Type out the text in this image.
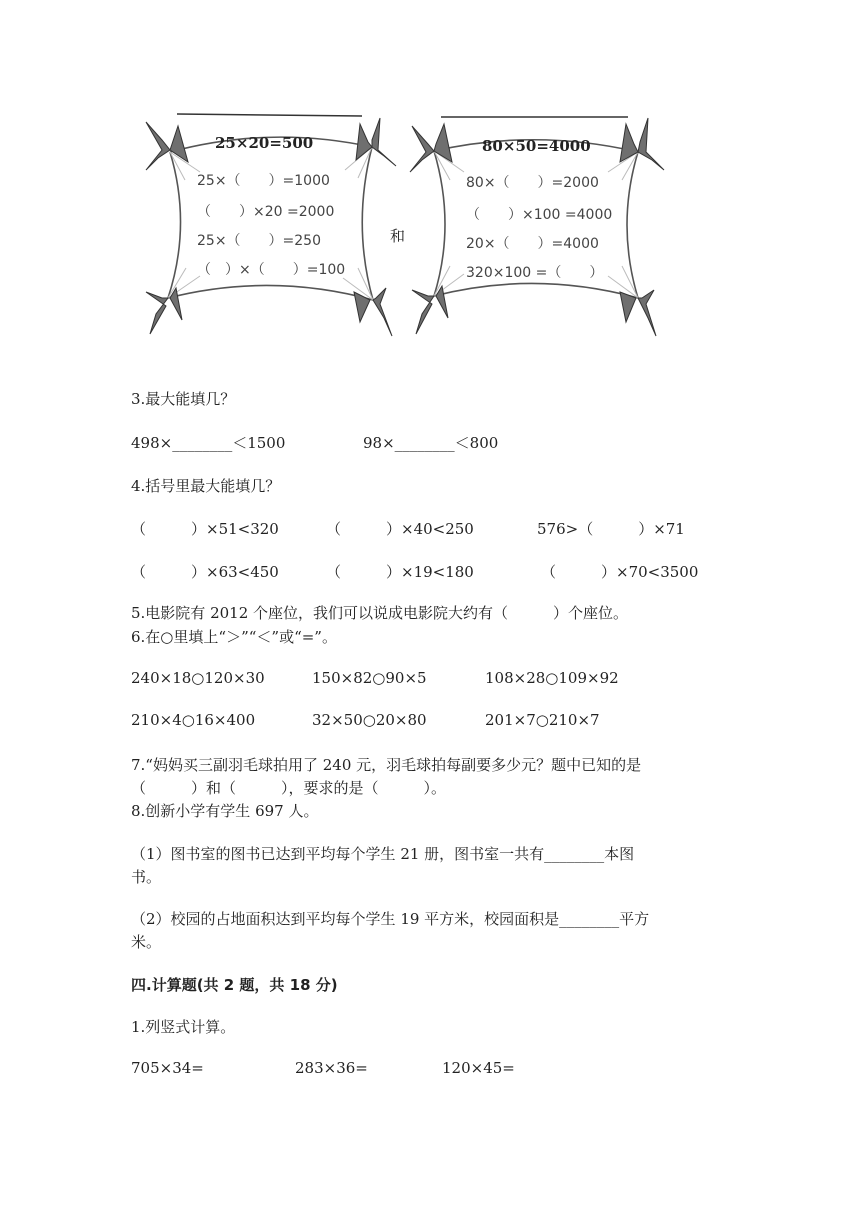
25×20=500
25×（　　）=1000
（　　）×20 =2000
25×（　　）=250
（　）×（　　）=100
和
80×50=4000
80×（　　）=2000
（　　）×100 =4000
20×（　　）=4000
320×100 =（　　）
3.最大能填几？
498×________＜1500	98×________＜800
4.括号里最大能填几？
（　　　）×51<320	（　　　）×40<250	576>（　　　）×71
（　　　）×63<450	（　　　）×19<180	（　　　）×70<3500
5.电影院有 2012 个座位，我们可以说成电影院大约有（　　　）个座位。
6.在○里填上“＞”“＜”或“=”。
240×18○120×30	150×82○90×5	108×28○109×92
210×4○16×400	32×50○20×80	201×7○210×7
7.“妈妈买三副羽毛球拍用了 240 元，羽毛球拍每副要多少元？题中已知的是
（　　　）和（　　　），要求的是（　　　）。
8.创新小学有学生 697 人。
（1）图书室的图书已达到平均每个学生 21 册，图书室一共有________本图
书。
（2）校园的占地面积达到平均每个学生 19 平方米，校园面积是________平方
米。
四.计算题(共 2 题，共 18 分)
1.列竖式计算。
705×34=	283×36=	120×45=
